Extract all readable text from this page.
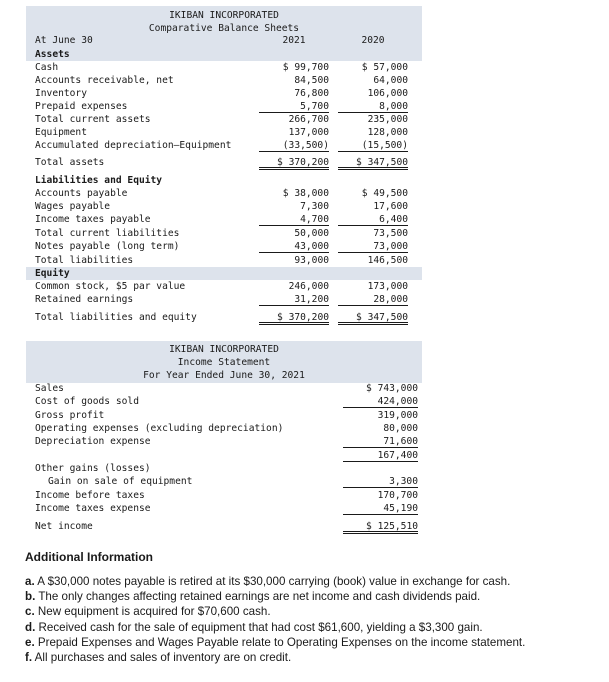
IKIBAN INCORPORATED
Comparative Balance Sheets
At June 30	2021	2020
Assets
Cash	$ 99,700	$ 57,000
Accounts receivable, net	84,500	64,000
Inventory	76,800	106,000
Prepaid expenses	5,700	8,000
Total current assets	266,700	235,000
Equipment	137,000	128,000
Accumulated depreciation—Equipment	(33,500)	(15,500)
Total assets	$ 370,200	$ 347,500
Liabilities and Equity
Accounts payable	$ 38,000	$ 49,500
Wages payable	7,300	17,600
Income taxes payable	4,700	6,400
Total current liabilities	50,000	73,500
Notes payable (long term)	43,000	73,000
Total liabilities	93,000	146,500
Equity
Common stock, $5 par value	246,000	173,000
Retained earnings	31,200	28,000
Total liabilities and equity	$ 370,200	$ 347,500
IKIBAN INCORPORATED
Income Statement
For Year Ended June 30, 2021
Sales	$ 743,000
Cost of goods sold	424,000
Gross profit	319,000
Operating expenses (excluding depreciation)	80,000
Depreciation expense	71,600
167,400
Other gains (losses)
Gain on sale of equipment	3,300
Income before taxes	170,700
Income taxes expense	45,190
Net income	$ 125,510
Additional Information
a. A $30,000 notes payable is retired at its $30,000 carrying (book) value in exchange for cash.
b. The only changes affecting retained earnings are net income and cash dividends paid.
c. New equipment is acquired for $70,600 cash.
d. Received cash for the sale of equipment that had cost $61,600, yielding a $3,300 gain.
e. Prepaid Expenses and Wages Payable relate to Operating Expenses on the income statement.
f. All purchases and sales of inventory are on credit.
